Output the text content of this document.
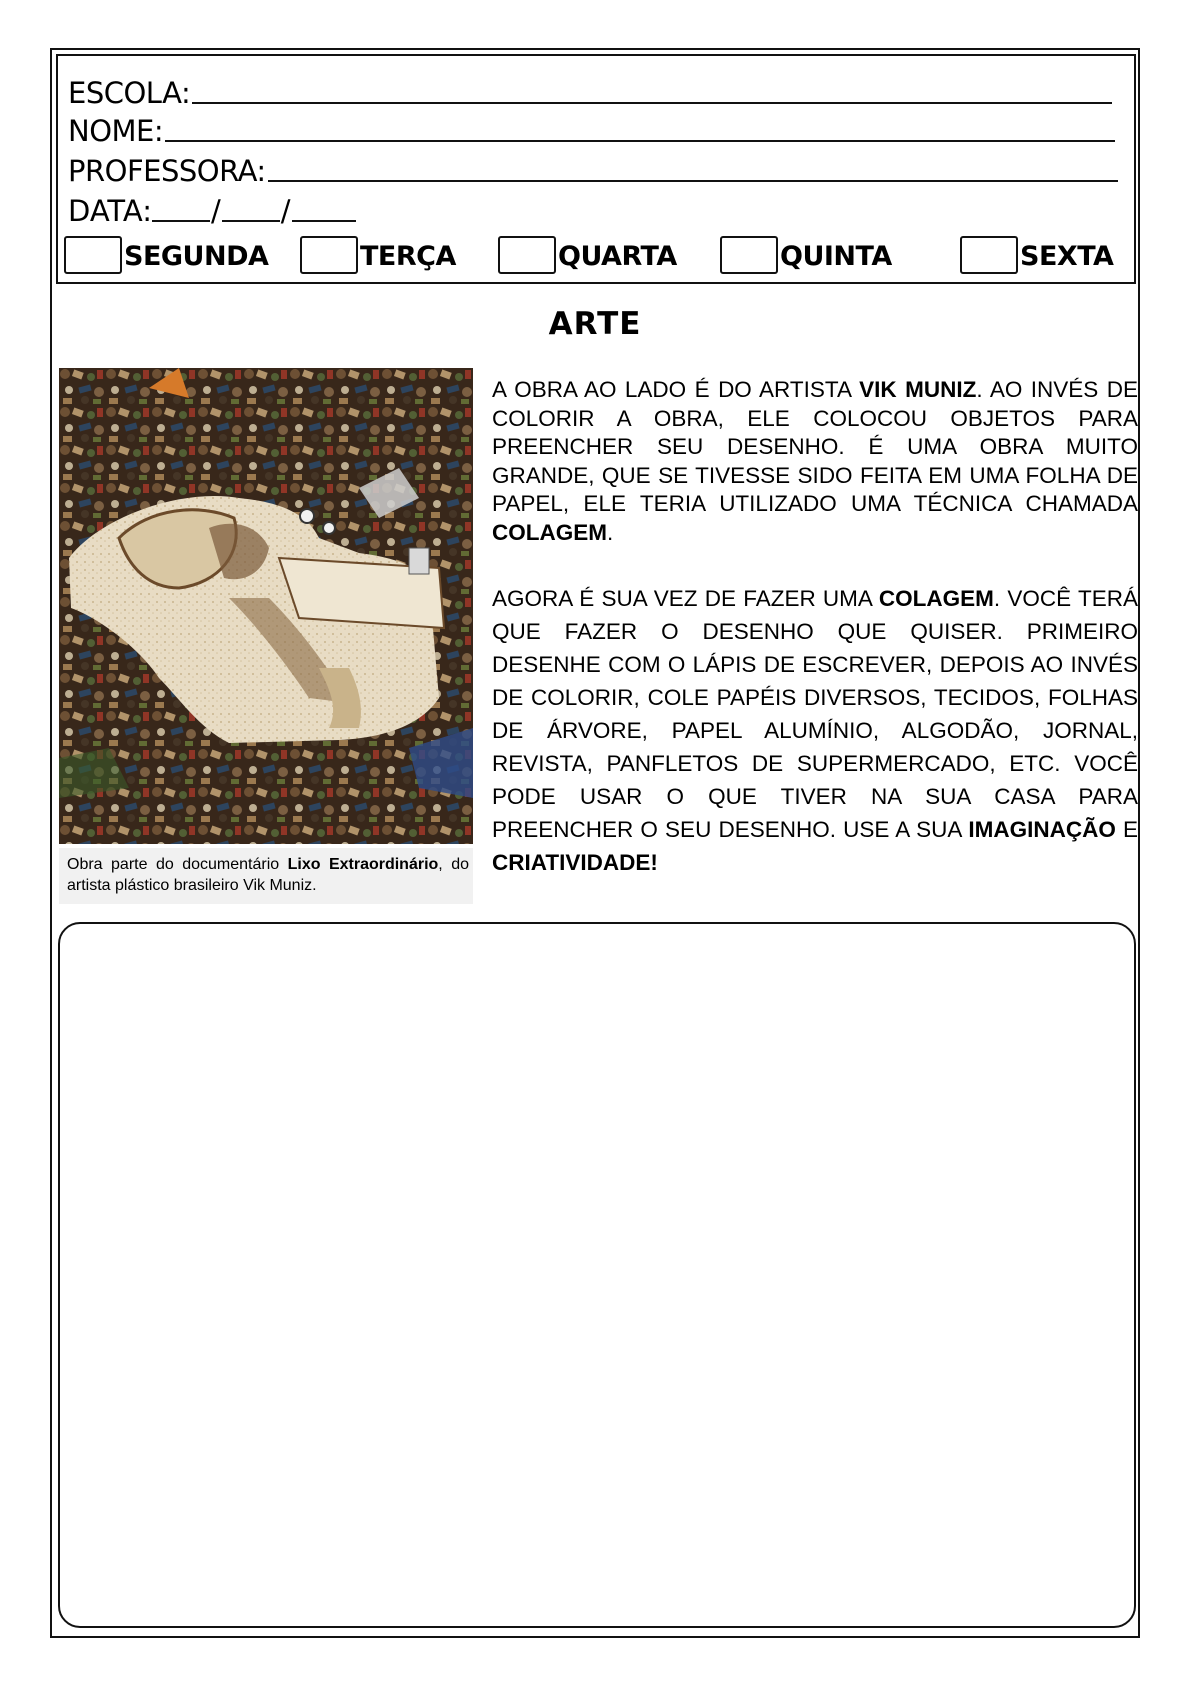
ESCOLA:
NOME:
PROFESSORA:
DATA: / /
SEGUNDA	TERÇA	QUARTA	QUINTA	SEXTA
ARTE
Obra parte do documentário Lixo Extraordinário, do artista plástico brasileiro Vik Muniz.
A OBRA AO LADO É DO ARTISTA VIK MUNIZ. AO INVÉS DE COLORIR A OBRA, ELE COLOCOU OBJETOS PARA PREENCHER SEU DESENHO. É UMA OBRA MUITO GRANDE, QUE SE TIVESSE SIDO FEITA EM UMA FOLHA DE PAPEL, ELE TERIA UTILIZADO UMA TÉCNICA CHAMADA COLAGEM.
AGORA É SUA VEZ DE FAZER UMA COLAGEM. VOCÊ TERÁ QUE FAZER O DESENHO QUE QUISER. PRIMEIRO DESENHE COM O LÁPIS DE ESCREVER, DEPOIS AO INVÉS DE COLORIR, COLE PAPÉIS DIVERSOS, TECIDOS, FOLHAS DE ÁRVORE, PAPEL ALUMÍNIO, ALGODÃO, JORNAL, REVISTA, PANFLETOS DE SUPERMERCADO, ETC. VOCÊ PODE USAR O QUE TIVER NA SUA CASA PARA PREENCHER O SEU DESENHO. USE A SUA IMAGINAÇÃO E CRIATIVIDADE!
